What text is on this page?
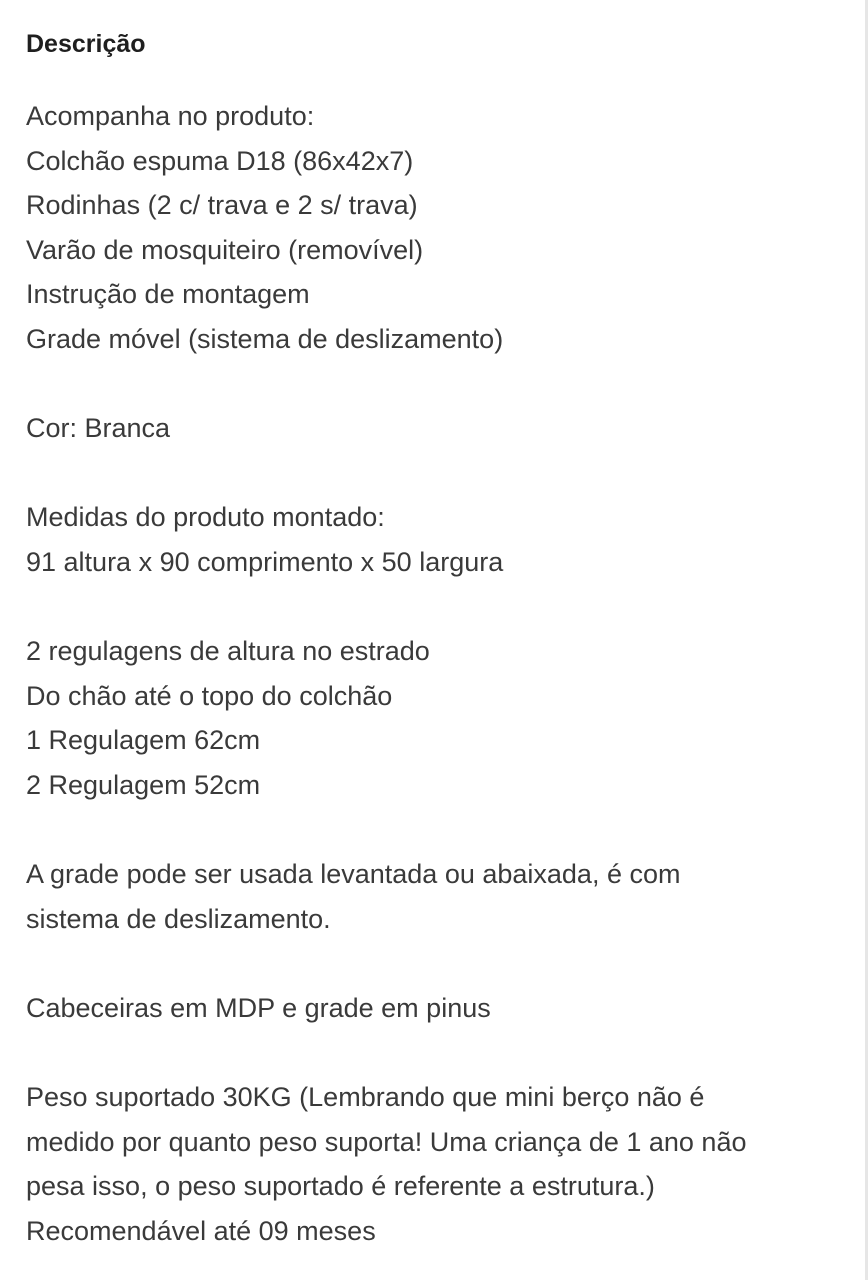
Descrição
Acompanha no produto:
Colchão espuma D18 (86x42x7)
Rodinhas (2 c/ trava e 2 s/ trava)
Varão de mosquiteiro (removível)
Instrução de montagem
Grade móvel (sistema de deslizamento)
Cor: Branca
Medidas do produto montado:
91 altura x 90 comprimento x 50 largura
2 regulagens de altura no estrado
Do chão até o topo do colchão
1 Regulagem 62cm
2 Regulagem 52cm
A grade pode ser usada levantada ou abaixada, é com
sistema de deslizamento.
Cabeceiras em MDP e grade em pinus
Peso suportado 30KG (Lembrando que mini berço não é
medido por quanto peso suporta! Uma criança de 1 ano não
pesa isso, o peso suportado é referente a estrutura.)
Recomendável até 09 meses
